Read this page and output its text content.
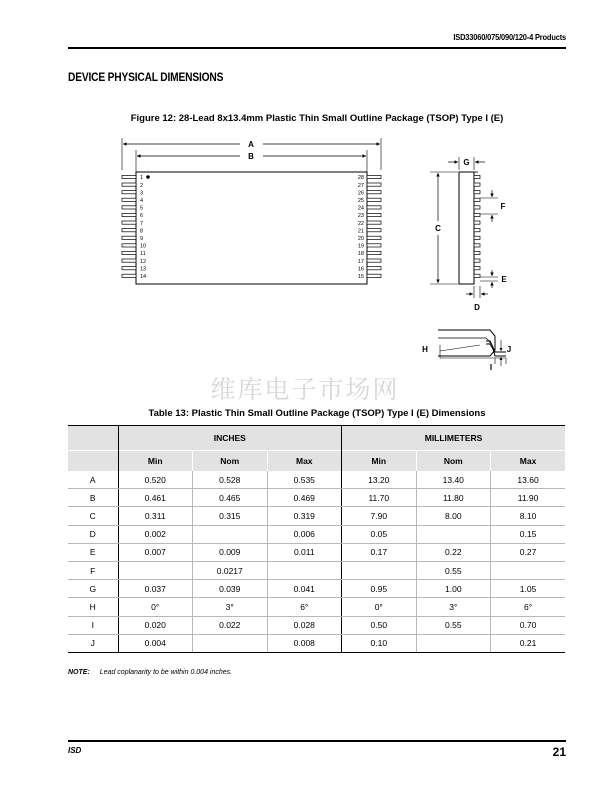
ISD33060/075/090/120-4 Products
DEVICE PHYSICAL DIMENSIONS
Figure 12: 28-Lead 8x13.4mm Plastic Thin Small Outline Package (TSOP) Type I (E)
A
B
1
2
3
4
5
6
7
8
9
10
11
12
13
14
28
27
26
25
24
23
22
21
20
19
18
17
16
15
G
C
F
E
D
H	J
I
维库电子市场网
Table 13: Plastic Thin Small Outline Package (TSOP) Type I (E) Dimensions
	INCHES			MILLIMETERS		
	Min	Nom	Max	Min	Nom	Max
A	0.520	0.528	0.535	13.20	13.40	13.60
B	0.461	0.465	0.469	11.70	11.80	11.90
C	0.311	0.315	0.319	7.90	8.00	8.10
D	0.002		0.006	0.05		0.15
E	0.007	0.009	0.011	0.17	0.22	0.27
F		0.0217			0.55	
G	0.037	0.039	0.041	0.95	1.00	1.05
H	0°	3°	6°	0°	3°	6°
I	0.020	0.022	0.028	0.50	0.55	0.70
J	0.004		0.008	0.10		0.21
NOTE: Lead coplanarity to be within 0.004 inches.
ISD	21
